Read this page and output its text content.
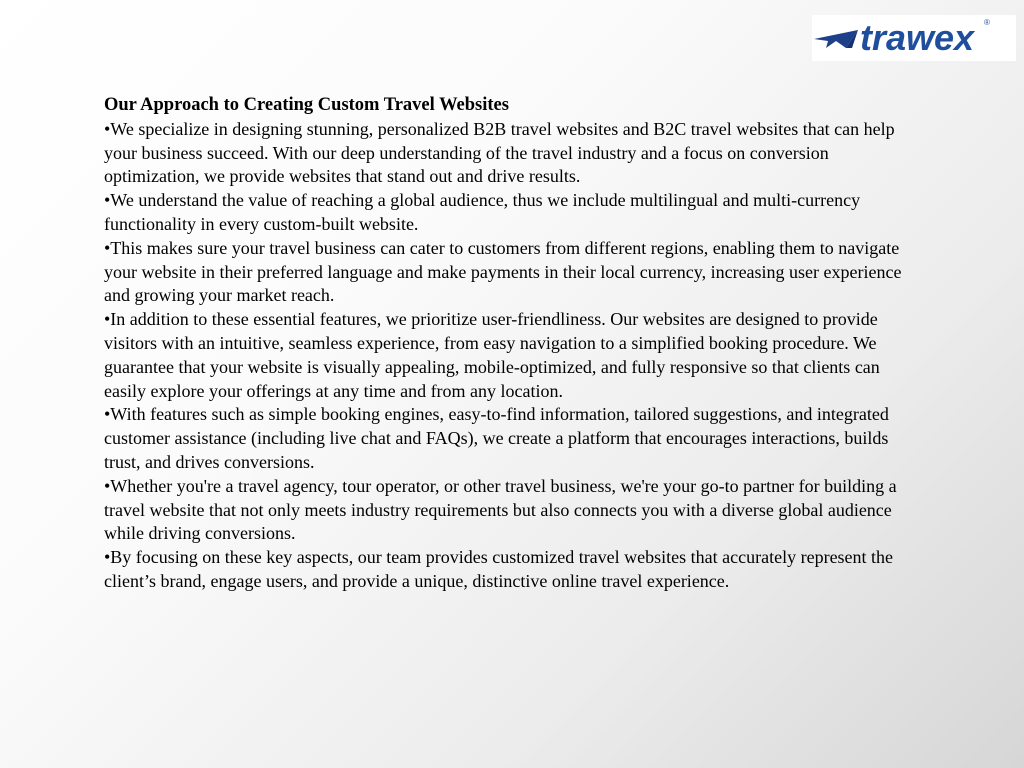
trawex ®

Our Approach to Creating Custom Travel Websites

•We specialize in designing stunning, personalized B2B travel websites and B2C travel websites that can help your business succeed. With our deep understanding of the travel industry and a focus on conversion optimization, we provide websites that stand out and drive results.

•We understand the value of reaching a global audience, thus we include multilingual and multi-currency functionality in every custom-built website.

•This makes sure your travel business can cater to customers from different regions, enabling them to navigate your website in their preferred language and make payments in their local currency, increasing user experience and growing your market reach.

•In addition to these essential features, we prioritize user-friendliness. Our websites are designed to provide visitors with an intuitive, seamless experience, from easy navigation to a simplified booking procedure. We guarantee that your website is visually appealing, mobile-optimized, and fully responsive so that clients can easily explore your offerings at any time and from any location.

•With features such as simple booking engines, easy-to-find information, tailored suggestions, and integrated customer assistance (including live chat and FAQs), we create a platform that encourages interactions, builds trust, and drives conversions.

•Whether you're a travel agency, tour operator, or other travel business, we're your go-to partner for building a travel website that not only meets industry requirements but also connects you with a diverse global audience while driving conversions.

•By focusing on these key aspects, our team provides customized travel websites that accurately represent the client’s brand, engage users, and provide a unique, distinctive online travel experience.
